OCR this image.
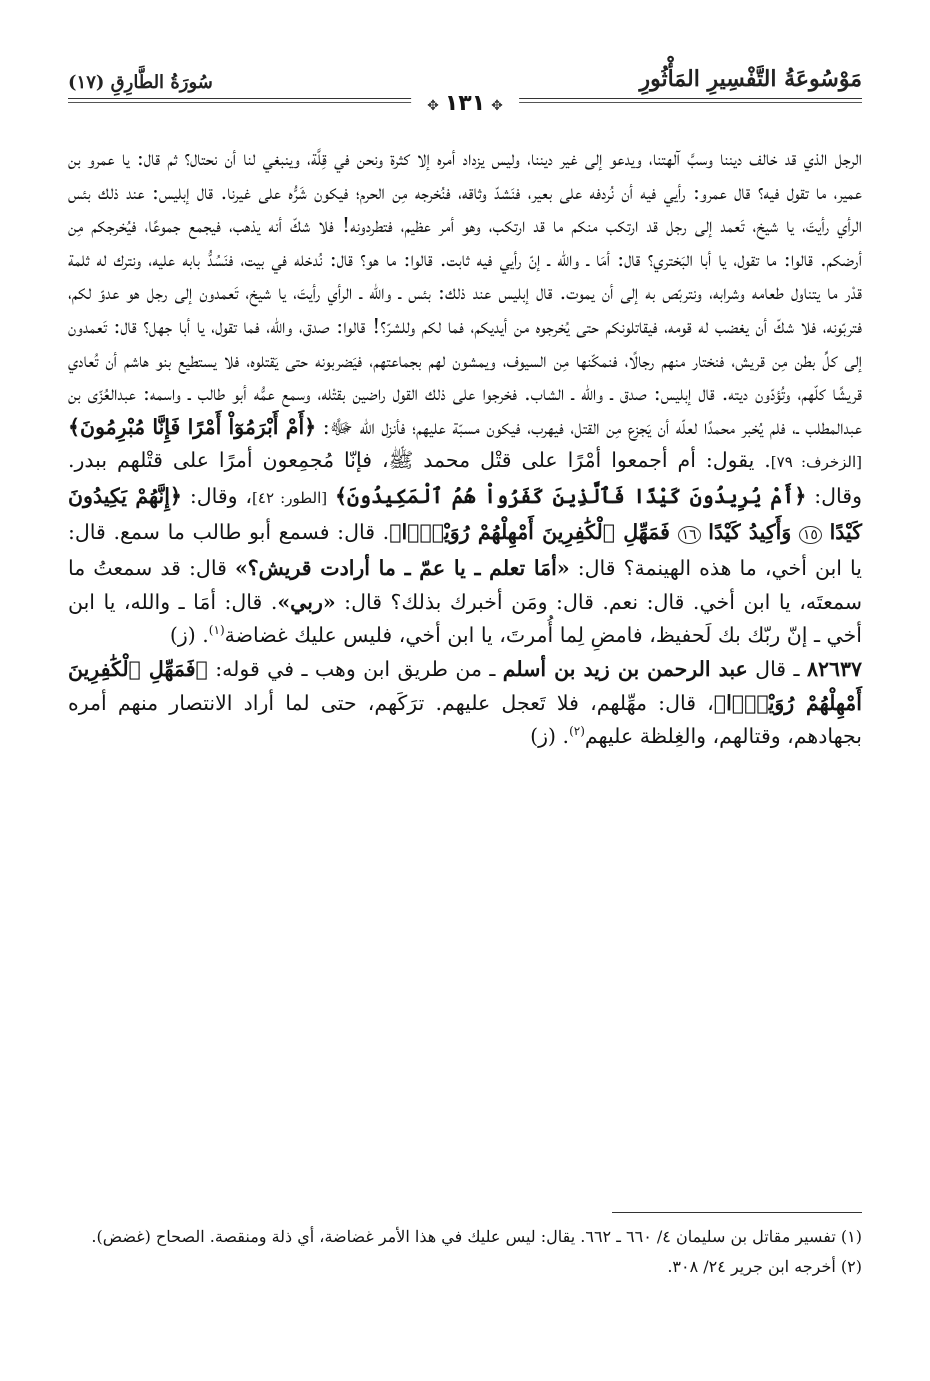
مَوْسُوعَةُ التَّفْسِيرِ المَأْثُورِ
سُورَةُ الطَّارِقِ (١٧)
✥١٣١✥

الرجل الذي قد خالف ديننا وسبَّ آلهتنا، ويدعو إلى غير ديننا، وليس يزداد أمره إلا كثرة ونحن في قِلَّة، وينبغي لنا أن نحتال؟ ثم قال: يا عمرو بن عمير، ما تقول فيه؟ قال عمرو: رأيي فيه أن نُردفه على بعير، فنَشدّ وثاقه، فنُخرجه مِن الحرم؛ فيكون شَرُّه على غيرنا. قال إبليس: عند ذلك بئس الرأي رأيتَ، يا شيخ، تَعمد إلى رجل قد ارتكب منكم ما قد ارتكب، وهو أمر عظيم، فتطردونه! فلا شكّ أنه يذهب، فيجمع جموعًا، فيُخرجكم مِن أرضكم. قالوا: ما تقول، يا أبا البَختري؟ قال: أمَا ـ والله ـ إنّ رأيي فيه ثابت. قالوا: ما هو؟ قال: نُدخله في بيت، فنَسُدُّ بابه عليه، ونترك له ثلمة قدْر ما يتناول طعامه وشرابه، ونتربّص به إلى أن يموت. قال إبليس عند ذلك: بئس ـ والله ـ الرأي رأيتَ، يا شيخ، تَعمدون إلى رجل هو عدوّ لكم، فتربّونه، فلا شكّ أن يغضب له قومه، فيقاتلونكم حتى يُخرجوه من أيديكم، فما لكم وللشرّ؟! قالوا: صدق، والله، فما تقول، يا أبا جهل؟ قال: تَعمدون إلى كلِّ بطن مِن قريش، فنختار منهم رجالًا، فنمكّنها مِن السيوف، ويمشون لهم بجماعتهم، فيَضربونه حتى يَقتلوه، فلا يستطيع بنو هاشم أن تُعادي قريشًا كلّهم، وتُؤدّون ديته. قال إبليس: صدق ـ والله ـ الشاب. فخرجوا على ذلك القول راضين بقتْله، وسمع عمُّه أبو طالب ـ واسمه: عبدالعُزّى بن عبدالمطلب ـ، فلم يُخبر محمدًا لعلّه أن يَجزع مِن القتل، فيهرب، فيكون مسبّة عليهم؛ فأنزل الله ﷻ: ﴿أَمْ أَبْرَمُوٓاْ أَمْرًا فَإِنَّا مُبْرِمُونَ﴾ [الزخرف: ٧٩]. يقول: أم أجمعوا أمْرًا على قتْل محمد ﷺ، فإنّا مُجمِعون أمرًا على قتْلهم ببدر. وقال: ﴿أَمْ يُرِيدُونَ كَيْدًا فَٱلَّذِينَ كَفَرُواْ هُمُ ٱلْمَكِيدُونَ﴾ [الطور: ٤٢]، وقال: ﴿إِنَّهُمْ يَكِيدُونَ كَيْدًا ١٥ وَأَكِيدُ كَيْدًا ١٦ فَمَهِّلِ ٱلْكَٰفِرِينَ أَمْهِلْهُمْ رُوَيْدًۢا﴾. قال: فسمع أبو طالب ما سمع. قال: يا ابن أخي، ما هذه الهينمة؟ قال: «أمَا تعلم ـ يا عمّ ـ ما أرادت قريش؟» قال: قد سمعتُ ما سمعتَه، يا ابن أخي. قال: نعم. قال: ومَن أخبرك بذلك؟ قال: «ربي». قال: أمَا ـ والله، يا ابن أخي ـ إنّ ربّك بك لَحفيظ، فامضِ لِما أُمرتَ، يا ابن أخي، فليس عليك غضاضة$^{(١)}$. (ز)

٨٢٦٣٧ ـ قال عبد الرحمن بن زيد بن أسلم ـ من طريق ابن وهب ـ في قوله: ﴿فَمَهِّلِ ٱلْكَٰفِرِينَ أَمْهِلْهُمْ رُوَيْدًۢا﴾، قال: مهِّلهم، فلا تَعجل عليهم. ترَكَهم، حتى لما أراد الانتصار منهم أمره بجهادهم، وقتالهم، والغِلظة عليهم$^{(٢)}$. (ز)

(١) تفسير مقاتل بن سليمان ٤/ ٦٦٠ ـ ٦٦٢. يقال: ليس عليك في هذا الأمر غضاضة، أي ذلة ومنقصة. الصحاح (غضض).

(٢) أخرجه ابن جرير ٢٤/ ٣٠٨.
